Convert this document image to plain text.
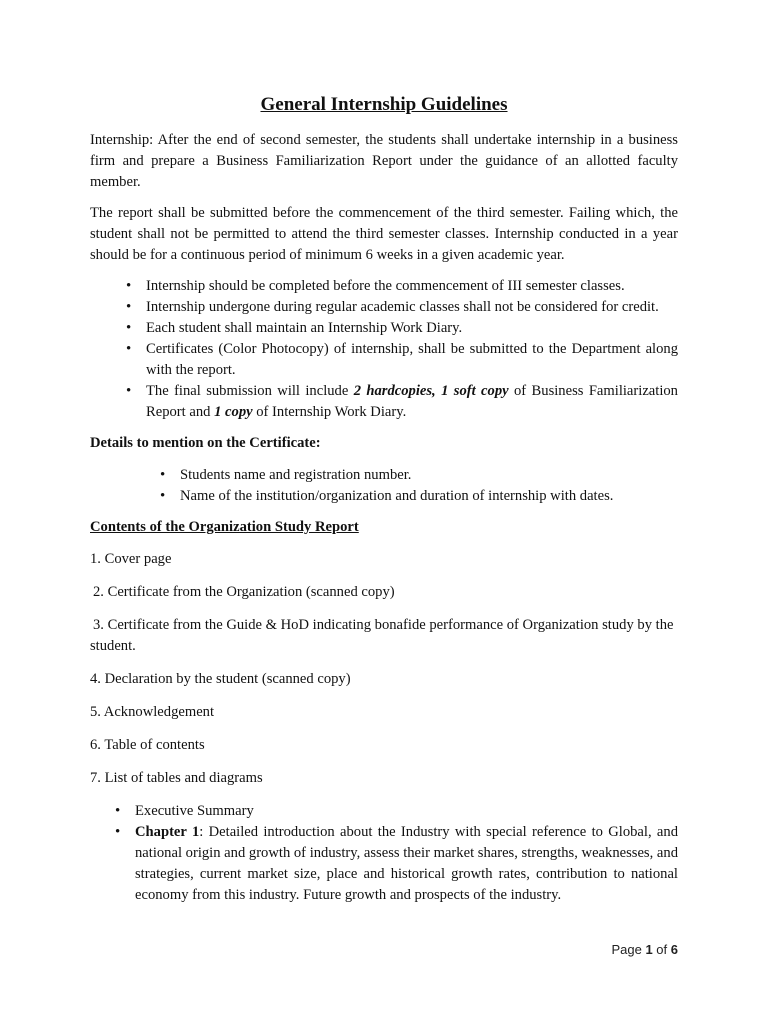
General Internship Guidelines

Internship: After the end of second semester, the students shall undertake internship in a business firm and prepare a Business Familiarization Report under the guidance of an allotted faculty member.

The report shall be submitted before the commencement of the third semester. Failing which, the student shall not be permitted to attend the third semester classes. Internship conducted in a year should be for a continuous period of minimum 6 weeks in a given academic year.

• Internship should be completed before the commencement of III semester classes.
• Internship undergone during regular academic classes shall not be considered for credit.
• Each student shall maintain an Internship Work Diary.
• Certificates (Color Photocopy) of internship, shall be submitted to the Department along with the report.
• The final submission will include 2 hardcopies, 1 soft copy of Business Familiarization Report and 1 copy of Internship Work Diary.
Details to mention on the Certificate:
• Students name and registration number.
• Name of the institution/organization and duration of internship with dates.
Contents of the Organization Study Report
1. Cover page
2. Certificate from the Organization (scanned copy)
3. Certificate from the Guide & HoD indicating bonafide performance of Organization study by the student.
4. Declaration by the student (scanned copy)
5. Acknowledgement
6. Table of contents
7. List of tables and diagrams
• Executive Summary
• Chapter 1: Detailed introduction about the Industry with special reference to Global, and national origin and growth of industry, assess their market shares, strengths, weaknesses, and strategies, current market size, place and historical growth rates, contribution to national economy from this industry. Future growth and prospects of the industry.
Page 1 of 6
